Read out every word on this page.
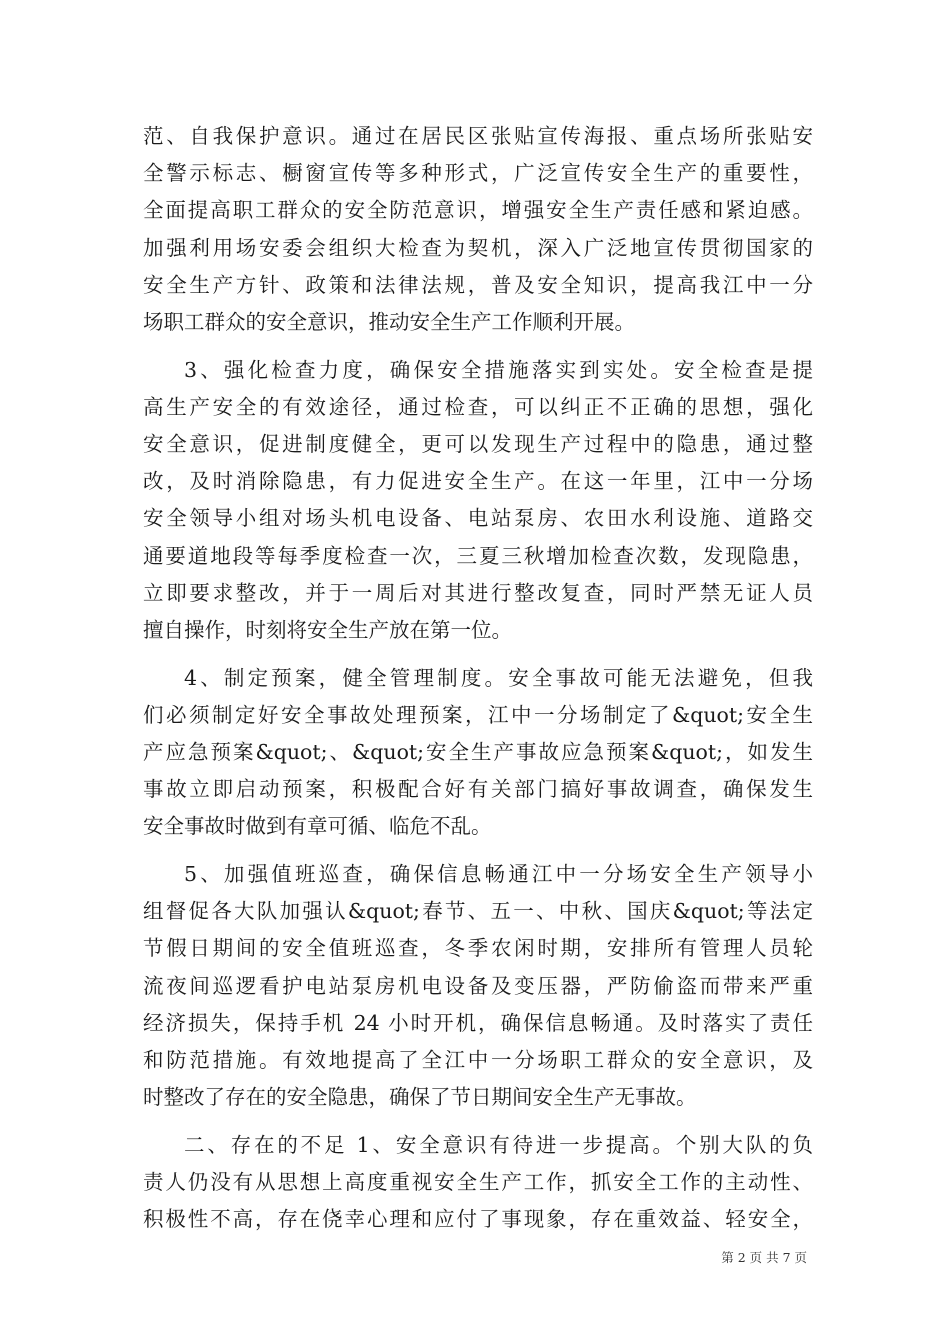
范、自我保护意识。通过在居民区张贴宣传海报、重点场所张贴安
全警示标志、橱窗宣传等多种形式，广泛宣传安全生产的重要性，
全面提高职工群众的安全防范意识，增强安全生产责任感和紧迫感。
加强利用场安委会组织大检查为契机，深入广泛地宣传贯彻国家的
安全生产方针、政策和法律法规，普及安全知识，提高我江中一分
场职工群众的安全意识，推动安全生产工作顺利开展。
3、强化检查力度，确保安全措施落实到实处。安全检查是提
高生产安全的有效途径，通过检查，可以纠正不正确的思想，强化
安全意识，促进制度健全，更可以发现生产过程中的隐患，通过整
改，及时消除隐患，有力促进安全生产。在这一年里，江中一分场
安全领导小组对场头机电设备、电站泵房、农田水利设施、道路交
通要道地段等每季度检查一次，三夏三秋增加检查次数，发现隐患，
立即要求整改，并于一周后对其进行整改复查，同时严禁无证人员
擅自操作，时刻将安全生产放在第一位。
4、制定预案，健全管理制度。安全事故可能无法避免，但我
们必须制定好安全事故处理预案，江中一分场制定了&quot;安全生
产应急预案&quot;、&quot;安全生产事故应急预案&quot;，如发生
事故立即启动预案，积极配合好有关部门搞好事故调查，确保发生
安全事故时做到有章可循、临危不乱。
5、加强值班巡查，确保信息畅通江中一分场安全生产领导小
组督促各大队加强认&quot;春节、五一、中秋、国庆&quot;等法定
节假日期间的安全值班巡查，冬季农闲时期，安排所有管理人员轮
流夜间巡逻看护电站泵房机电设备及变压器，严防偷盗而带来严重
经济损失，保持手机 24 小时开机，确保信息畅通。及时落实了责任
和防范措施。有效地提高了全江中一分场职工群众的安全意识，及
时整改了存在的安全隐患，确保了节日期间安全生产无事故。
二、存在的不足 1、安全意识有待进一步提高。个别大队的负
责人仍没有从思想上高度重视安全生产工作，抓安全工作的主动性、
积极性不高，存在侥幸心理和应付了事现象，存在重效益、轻安全，
第 2 页 共 7 页
